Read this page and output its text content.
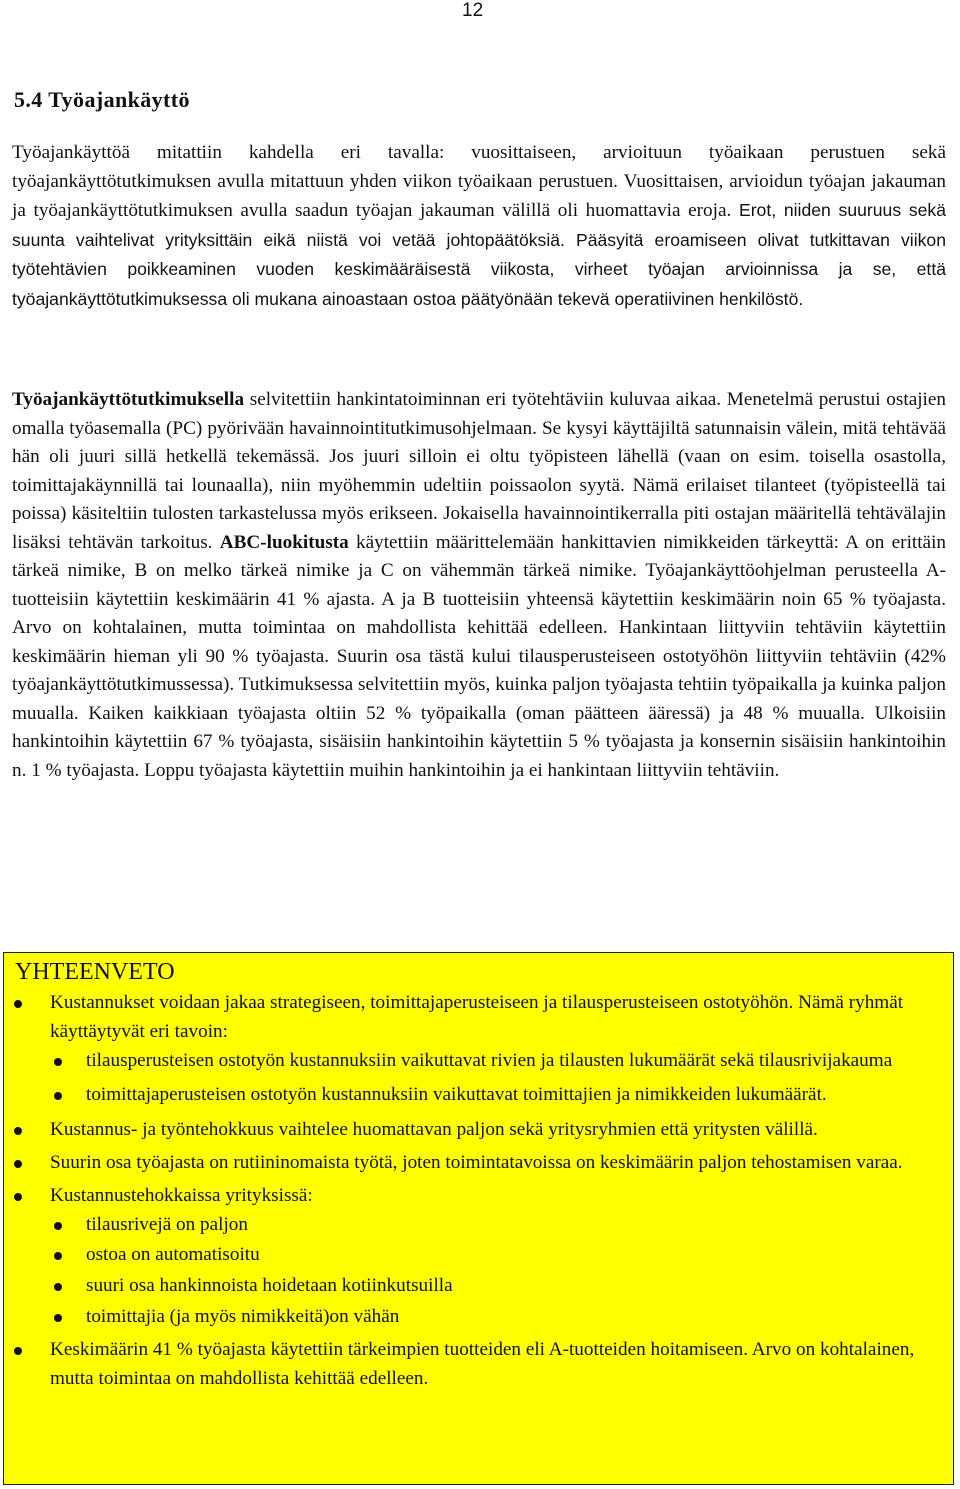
12
5.4 Työajankäyttö

Työajankäyttöä mitattiin kahdella eri tavalla: vuosittaiseen, arvioituun työaikaan perustuen sekä työajankäyttötutkimuksen avulla mitattuun yhden viikon työaikaan perustuen. Vuosittaisen, arvioidun työajan jakauman ja työajankäyttötutkimuksen avulla saadun työajan jakauman välillä oli huomattavia eroja. Erot, niiden suuruus sekä suunta vaihtelivat yrityksittäin eikä niistä voi vetää johtopäätöksiä. Pääsyitä eroamiseen olivat tutkittavan viikon työtehtävien poikkeaminen vuoden keskimääräisestä viikosta, virheet työajan arvioinnissa ja se, että työajankäyttötutkimuksessa oli mukana ainoastaan ostoa päätyönään tekevä operatiivinen henkilöstö.

Työajankäyttötutkimuksella selvitettiin hankintatoiminnan eri työtehtäviin kuluvaa aikaa. Menetelmä perustui ostajien omalla työasemalla (PC) pyörivään havainnointitutkimusohjelmaan. Se kysyi käyttäjiltä satunnaisin välein, mitä tehtävää hän oli juuri sillä hetkellä tekemässä. Jos juuri silloin ei oltu työpisteen lähellä (vaan on esim. toisella osastolla, toimittajakäynnillä tai lounaalla), niin myöhemmin udeltiin poissaolon syytä. Nämä erilaiset tilanteet (työpisteellä tai poissa) käsiteltiin tulosten tarkastelussa myös erikseen. Jokaisella havainnointikerralla piti ostajan määritellä tehtävälajin lisäksi tehtävän tarkoitus. ABC-luokitusta käytettiin määrittelemään hankittavien nimikkeiden tärkeyttä: A on erittäin tärkeä nimike, B on melko tärkeä nimike ja C on vähemmän tärkeä nimike. Työajankäyttöohjelman perusteella A-tuotteisiin käytettiin keskimäärin 41 % ajasta. A ja B tuotteisiin yhteensä käytettiin keskimäärin noin 65 % työajasta. Arvo on kohtalainen, mutta toimintaa on mahdollista kehittää edelleen. Hankintaan liittyviin tehtäviin käytettiin keskimäärin hieman yli 90 % työajasta. Suurin osa tästä kului tilausperusteiseen ostotyöhön liittyviin tehtäviin (42% työajankäyttötutkimussessa). Tutkimuksessa selvitettiin myös, kuinka paljon työajasta tehtiin työpaikalla ja kuinka paljon muualla. Kaiken kaikkiaan työajasta oltiin 52 % työpaikalla (oman päätteen ääressä) ja 48 % muualla. Ulkoisiin hankintoihin käytettiin 67 % työajasta, sisäisiin hankintoihin käytettiin 5 % työajasta ja konsernin sisäisiin hankintoihin n. 1 % työajasta. Loppu työajasta käytettiin muihin hankintoihin ja ei hankintaan liittyviin tehtäviin.

YHTEENVETO
Kustannukset voidaan jakaa strategiseen, toimittajaperusteiseen ja tilausperusteiseen ostotyöhön. Nämä ryhmät käyttäytyvät eri tavoin:
tilausperusteisen ostotyön kustannuksiin vaikuttavat rivien ja tilausten lukumäärät sekä tilausrivijakauma
toimittajaperusteisen ostotyön kustannuksiin vaikuttavat toimittajien ja nimikkeiden lukumäärät.
Kustannus- ja työntehokkuus vaihtelee huomattavan paljon sekä yritysryhmien että yritysten välillä.
Suurin osa työajasta on rutiininomaista työtä, joten toimintatavoissa on keskimäärin paljon tehostamisen varaa.
Kustannustehokkaissa yrityksissä:
tilausrivejä on paljon
ostoa on automatisoitu
suuri osa hankinnoista hoidetaan kotiinkutsuilla
toimittajia (ja myös nimikkeitä)on vähän
Keskimäärin 41 % työajasta käytettiin tärkeimpien tuotteiden eli A-tuotteiden hoitamiseen. Arvo on kohtalainen, mutta toimintaa on mahdollista kehittää edelleen.
